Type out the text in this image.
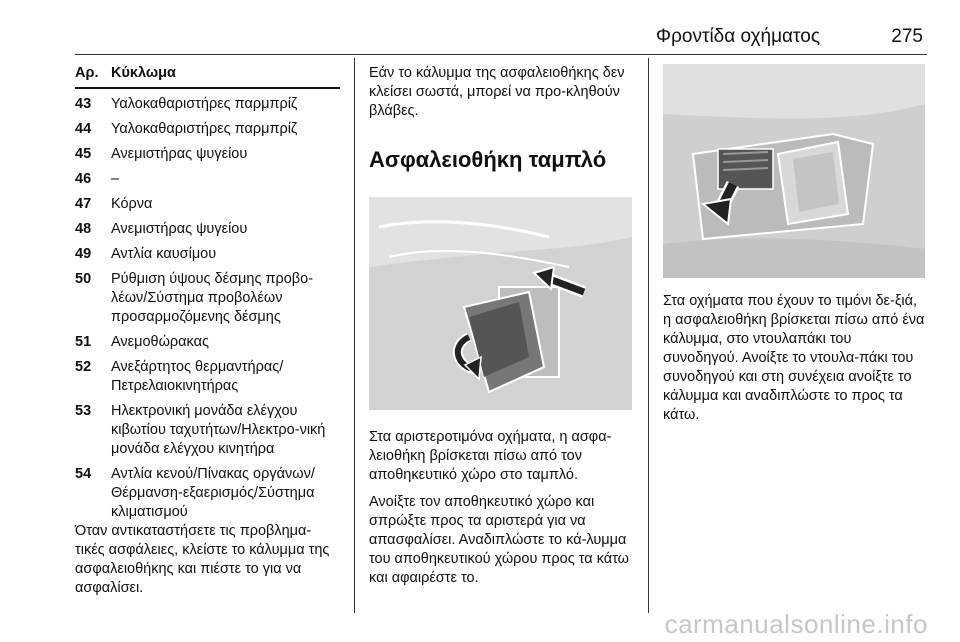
Φροντίδα οχήματος	275
Αρ. Κύκλωμα
43	Υαλοκαθαριστήρες παρμπρίζ
44	Υαλοκαθαριστήρες παρμπρίζ
45	Ανεμιστήρας ψυγείου
46	–
47	Κόρνα
48	Ανεμιστήρας ψυγείου
49	Αντλία καυσίμου
50	Ρύθμιση ύψους δέσμης προβο-λέων/Σύστημα προβολέων προσαρμοζόμενης δέσμης
51	Ανεμοθώρακας
52	Ανεξάρτητος θερμαντήρας/Πετρελαιοκινητήρας
53	Ηλεκτρονική μονάδα ελέγχου κιβωτίου ταχυτήτων/Ηλεκτρο-νική μονάδα ελέγχου κινητήρα
54	Αντλία κενού/Πίνακας οργάνων/Θέρμανση-εξαερισμός/Σύστημα κλιματισμού

Όταν αντικαταστήσετε τις προβλημα-τικές ασφάλειες, κλείστε το κάλυμμα της ασφαλειοθήκης και πιέστε το για να ασφαλίσει.

Εάν το κάλυμμα της ασφαλειοθήκης δεν κλείσει σωστά, μπορεί να προ-κληθούν βλάβες.

Ασφαλειοθήκη ταμπλό

Στα αριστεροτιμόνα οχήματα, η ασφα-λειοθήκη βρίσκεται πίσω από τον αποθηκευτικό χώρο στο ταμπλό.

Ανοίξτε τον αποθηκευτικό χώρο και σπρώξτε προς τα αριστερά για να απασφαλίσει. Αναδιπλώστε το κά-λυμμα του αποθηκευτικού χώρου προς τα κάτω και αφαιρέστε το.

Στα οχήματα που έχουν το τιμόνι δε-ξιά, η ασφαλειοθήκη βρίσκεται πίσω από ένα κάλυμμα, στο ντουλαπάκι του συνοδηγού. Ανοίξτε το ντουλα-πάκι του συνοδηγού και στη συνέχεια ανοίξτε το κάλυμμα και αναδιπλώστε το προς τα κάτω.

carmanualsonline.info
